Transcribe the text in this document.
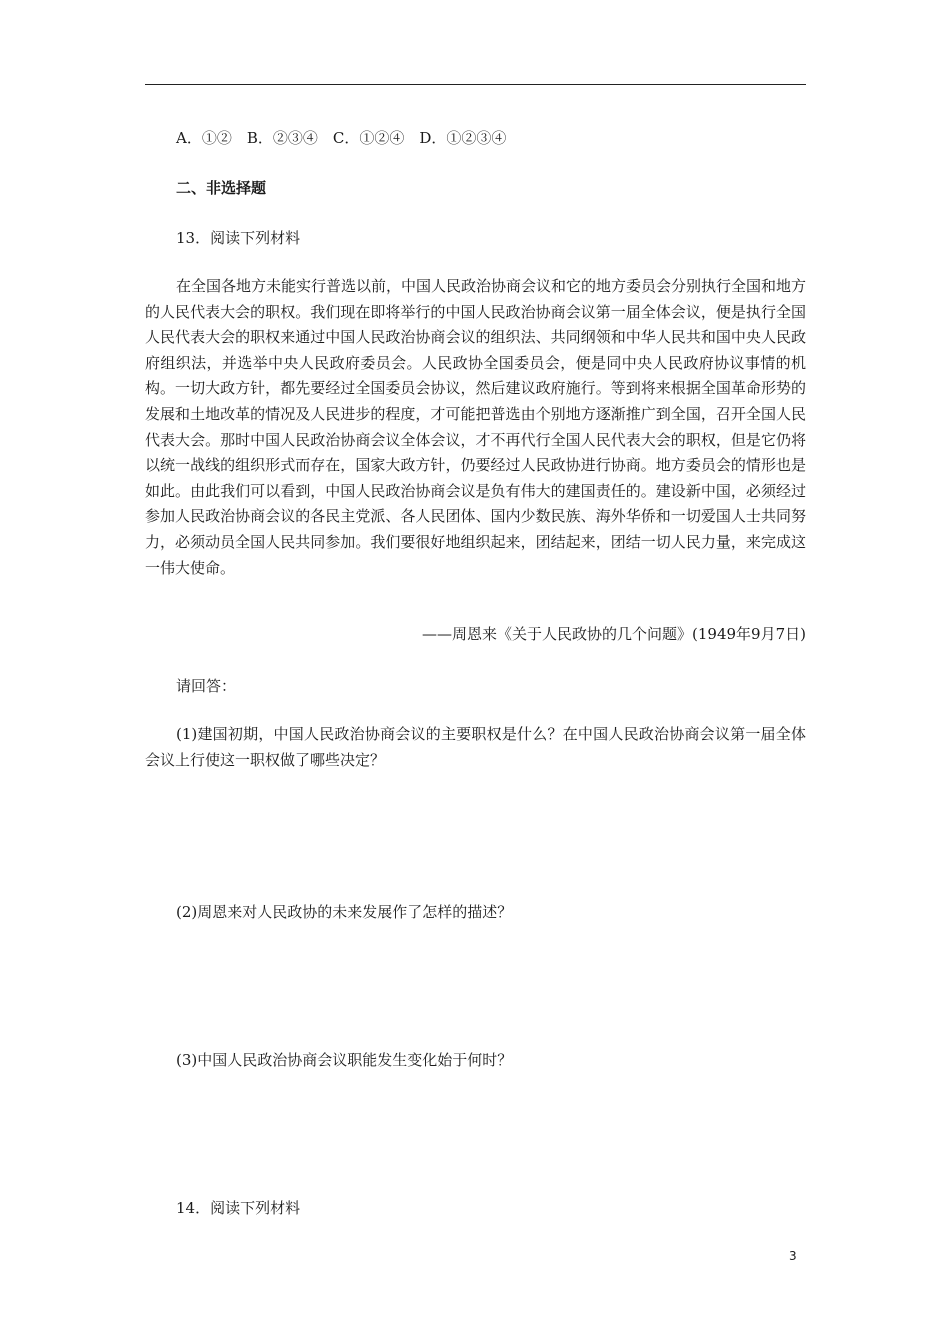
A．①②　B．②③④　C．①②④　D．①②③④
二、非选择题
13．阅读下列材料

在全国各地方未能实行普选以前，中国人民政治协商会议和它的地方委员会分别执行全国和地方的人民代表大会的职权。我们现在即将举行的中国人民政治协商会议第一届全体会议，便是执行全国人民代表大会的职权来通过中国人民政治协商会议的组织法、共同纲领和中华人民共和国中央人民政府组织法，并选举中央人民政府委员会。人民政协全国委员会，便是同中央人民政府协议事情的机构。一切大政方针，都先要经过全国委员会协议，然后建议政府施行。等到将来根据全国革命形势的发展和土地改革的情况及人民进步的程度，才可能把普选由个别地方逐渐推广到全国，召开全国人民代表大会。那时中国人民政治协商会议全体会议，才不再代行全国人民代表大会的职权，但是它仍将以统一战线的组织形式而存在，国家大政方针，仍要经过人民政协进行协商。地方委员会的情形也是如此。由此我们可以看到，中国人民政治协商会议是负有伟大的建国责任的。建设新中国，必须经过参加人民政治协商会议的各民主党派、各人民团体、国内少数民族、海外华侨和一切爱国人士共同努力，必须动员全国人民共同参加。我们要很好地组织起来，团结起来，团结一切人民力量，来完成这一伟大使命。

——周恩来《关于人民政协的几个问题》(1949年9月7日)
请回答：

(1)建国初期，中国人民政治协商会议的主要职权是什么？在中国人民政治协商会议第一届全体会议上行使这一职权做了哪些决定？

(2)周恩来对人民政协的未来发展作了怎样的描述？
(3)中国人民政治协商会议职能发生变化始于何时？
14．阅读下列材料
3
